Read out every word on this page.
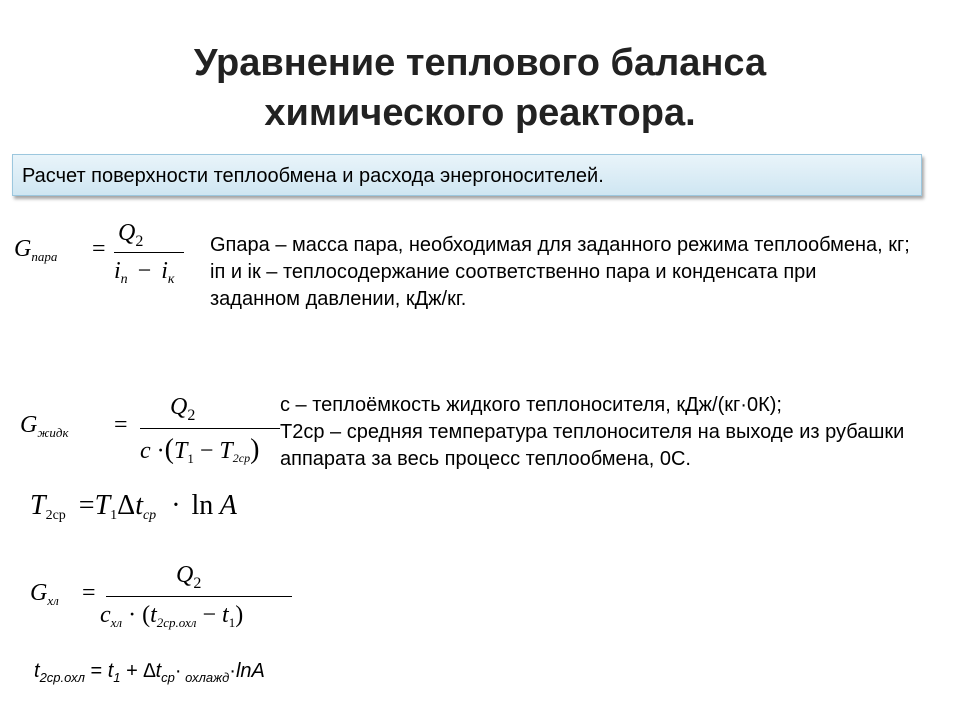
Уравнение теплового баланса
химического реактора.
Расчет поверхности теплообмена и расхода энергоносителей.
$G_{пара}$ =
$Q_2$
$i_п - i_к$

Gпара – масса пара, необходимая для заданного режима теплообмена, кг;

iп и iк – теплосодержание соответственно пара и конденсата при заданном давлении, кДж/кг.

$G_{жидк}$ =
$Q_2$
$c \cdot(T_1 - T_{2ср})$

с – теплоёмкость жидкого теплоносителя, кДж/(кг·0К);

Т2ср – средняя температура теплоносителя на выходе из рубашки аппарата за весь процесс теплообмена, 0С.

$T_{2ср} =T_1\Delta t_{ср} \cdot \ln A$
$G_{хл}$ =
$Q_2$
$c_{хл} \cdot (t_{2ср.охл} - t_1)$
$t_{2ср.охл} = t_1 + \Delta t_{ср}\cdot _{охлажд}\cdot\ln A$
